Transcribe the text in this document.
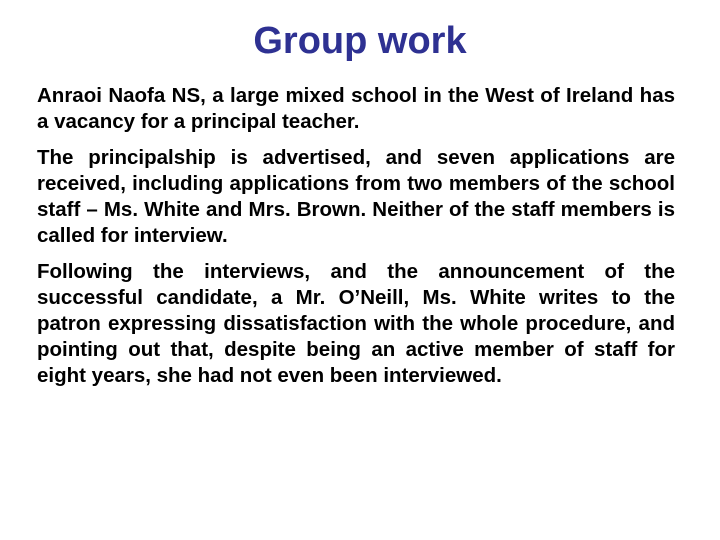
Group work

Anraoi Naofa NS, a large mixed school in the West of Ireland has a vacancy for a principal teacher.

The principalship is advertised, and seven applications are received, including applications from two members of the school staff – Ms. White and Mrs. Brown. Neither of the staff members is called for interview.

Following the interviews, and the announcement of the successful candidate, a Mr. O’Neill, Ms. White writes to the patron expressing dissatisfaction with the whole procedure, and pointing out that, despite being an active member of staff for eight years, she had not even been interviewed.
